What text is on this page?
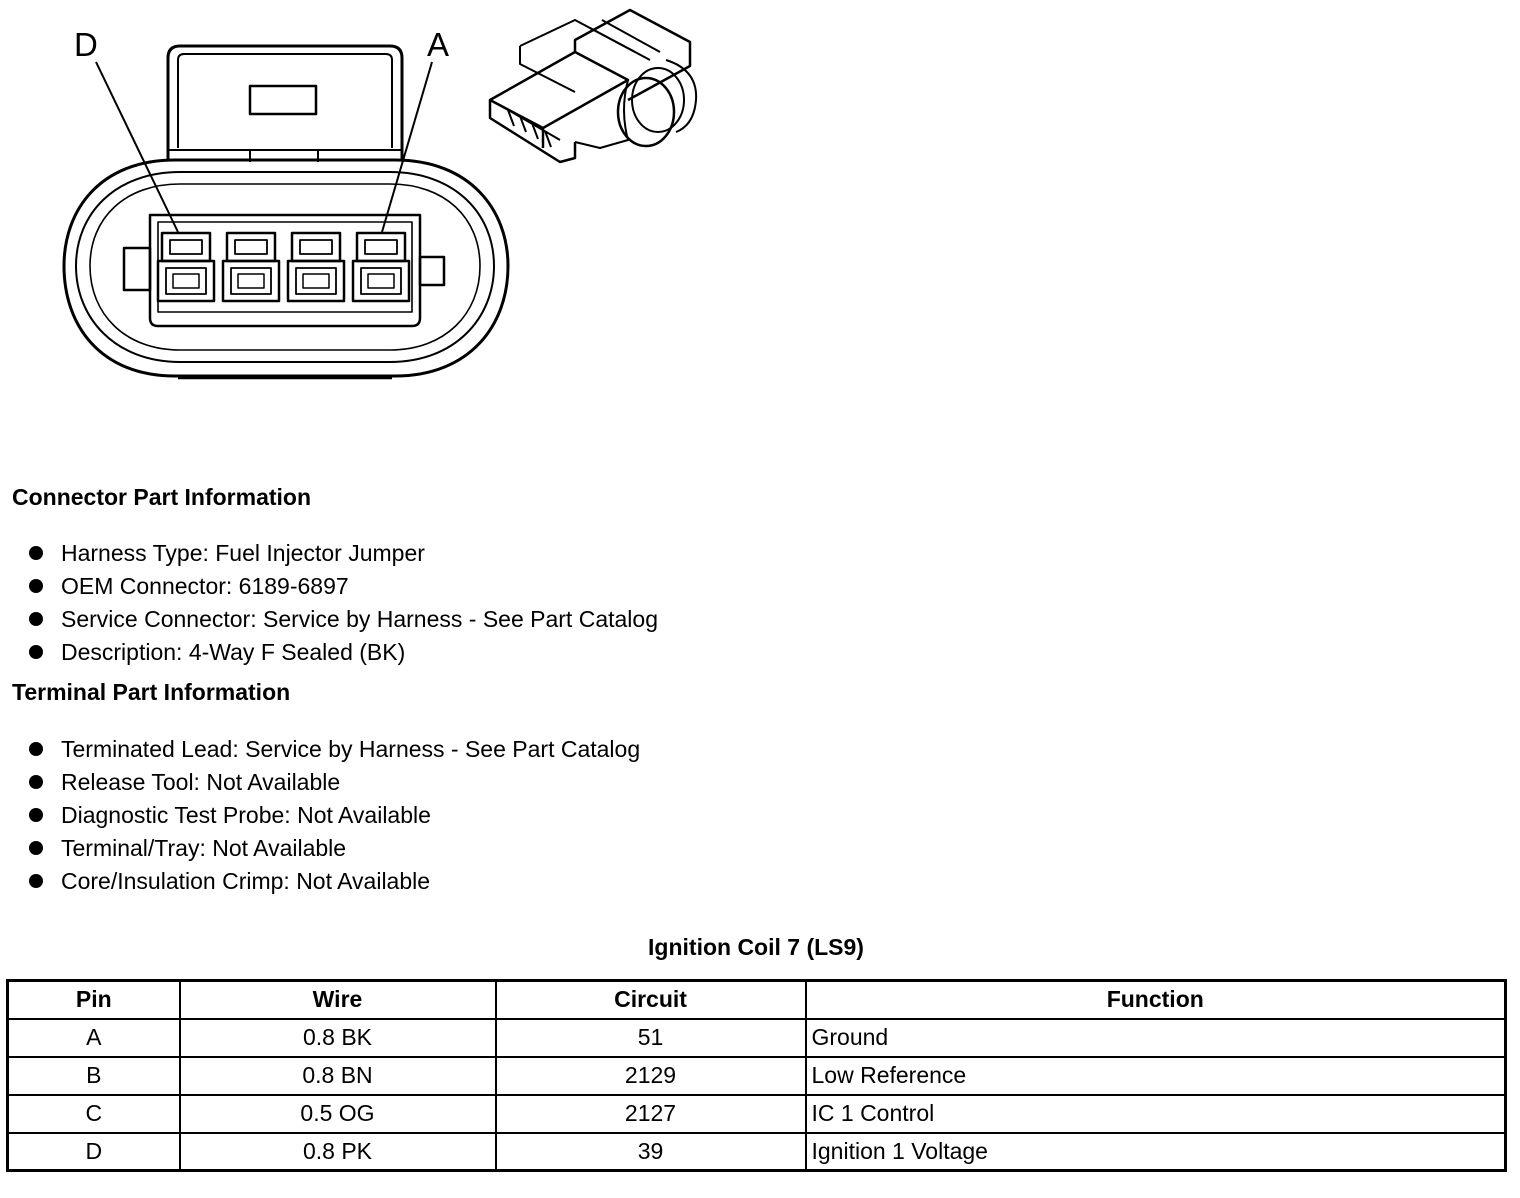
D	A
Connector Part Information
Harness Type: Fuel Injector Jumper
OEM Connector: 6189-6897
Service Connector: Service by Harness - See Part Catalog
Description: 4-Way F Sealed (BK)
Terminal Part Information
Terminated Lead: Service by Harness - See Part Catalog
Release Tool: Not Available
Diagnostic Test Probe: Not Available
Terminal/Tray: Not Available
Core/Insulation Crimp: Not Available
Ignition Coil 7 (LS9)
Pin	Wire	Circuit	Function
A	0.8 BK	51	Ground
B	0.8 BN	2129	Low Reference
C	0.5 OG	2127	IC 1 Control
D	0.8 PK	39	Ignition 1 Voltage
